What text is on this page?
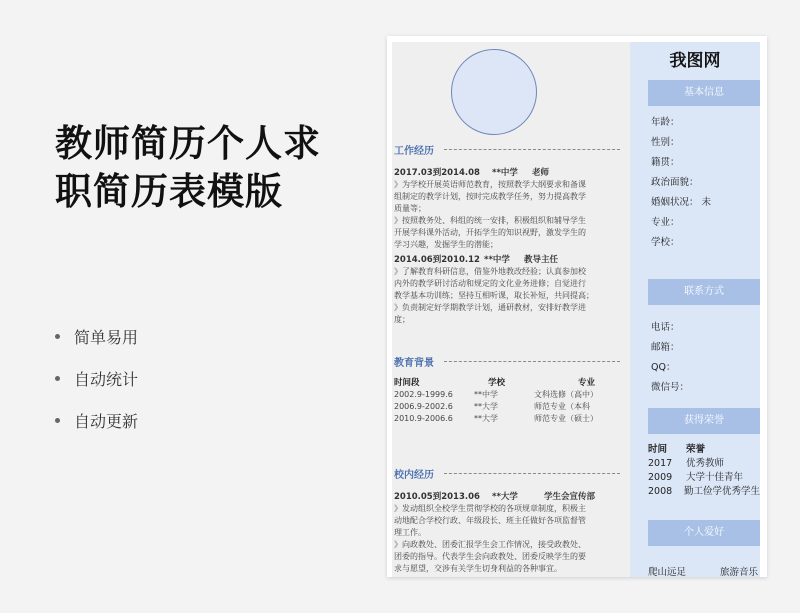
教师简历个人求
职简历表模版
简单易用
自动统计
自动更新
工作经历
2017.03到2014.08 **中学 老师
》为学校开展英语师范教育，按照教学大纲要求和备课
组制定的教学计划，按时完成教学任务，努力提高教学
质量等；
》按照教务处、科组的统一安排，积极组织和辅导学生
开展学科课外活动，开拓学生的知识视野，激发学生的
学习兴趣，发掘学生的潜能；
2014.06到2010.12 **中学 教导主任
》了解教育科研信息，借鉴外地教改经验；认真参加校
内外的教学研讨活动和规定的文化业务进修；自觉进行
教学基本功训练；坚持互相听课，取长补短，共同提高；
》负责制定好学期教学计划，通研教材，安排好教学进
度；
教育背景
时间段	学校	专业
2002.9-1999.6	**中学	文科选修（高中）
2006.9-2002.6	**大学	师范专业（本科
2010.9-2006.6	**大学	师范专业（硕士）
校内经历
2010.05到2013.06 **大学	学生会宣传部
》发动组织全校学生贯彻学校的各项规章制度，积极主
动地配合学校行政、年级段长、班主任做好各项监督管
理工作。
》向政教处、团委汇报学生会工作情况，接受政教处、
团委的指导。代表学生会向政教处、团委反映学生的要
求与愿望，交涉有关学生切身利益的各种事宜。
我图网
基本信息
年龄：
性别：
籍贯：
政治面貌：
婚姻状况： 未
专业：
学校：
联系方式
电话：
邮箱：
QQ：
微信号：
获得荣誉
时间	荣誉
2017	优秀教师
2009	大学十佳青年
2008	勤工俭学优秀学生
个人爱好
爬山远足	旅游音乐
